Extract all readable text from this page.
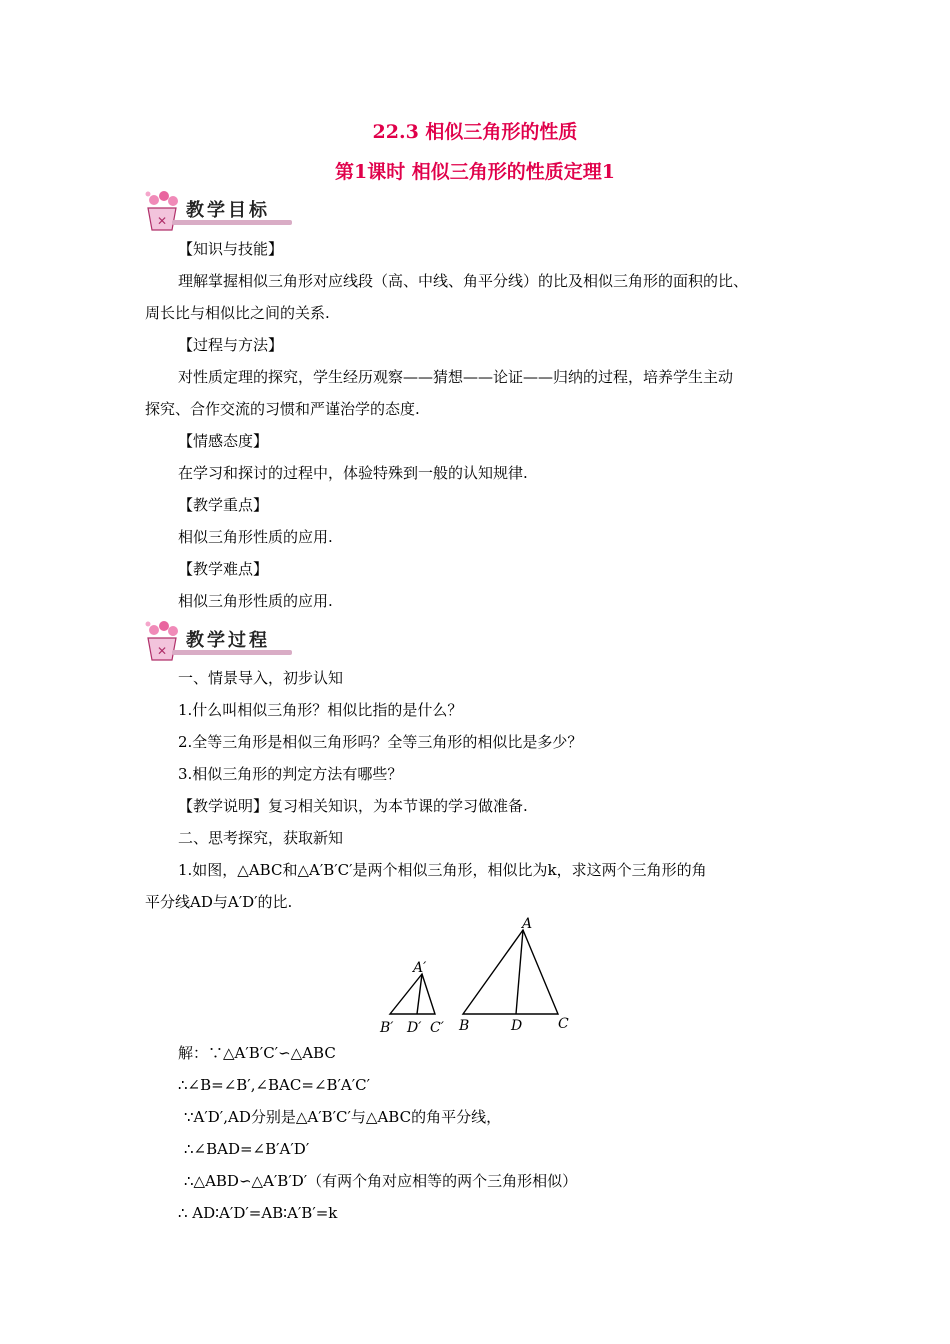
22.3 相似三角形的性质
第1课时 相似三角形的性质定理1
✕ 教学目标
【知识与技能】
理解掌握相似三角形对应线段（高、中线、角平分线）的比及相似三角形的面积的比、
周长比与相似比之间的关系.
【过程与方法】
对性质定理的探究，学生经历观察——猜想——论证——归纳的过程，培养学生主动
探究、合作交流的习惯和严谨治学的态度.
【情感态度】
在学习和探讨的过程中，体验特殊到一般的认知规律.
【教学重点】
相似三角形性质的应用.
【教学难点】
相似三角形性质的应用.
✕ 教学过程
一、情景导入，初步认知
1.什么叫相似三角形？相似比指的是什么？
2.全等三角形是相似三角形吗？全等三角形的相似比是多少？
3.相似三角形的判定方法有哪些？
【教学说明】复习相关知识，为本节课的学习做准备.
二、思考探究，获取新知
1.如图，△ABC和△A′B′C′是两个相似三角形，相似比为k，求这两个三角形的角
平分线AD与A′D′的比.
A′
B′ D′ C′
A
B	D	C
解：∵△A′B′C′∽△ABC
∴∠B=∠B′,∠BAC=∠B′A′C′
∵A′D′,AD分别是△A′B′C′与△ABC的角平分线，
∴∠BAD=∠B′A′D′
∴△ABD∽△A′B′D′（有两个角对应相等的两个三角形相似）
∴ AD∶A′D′=AB∶A′B′=k
